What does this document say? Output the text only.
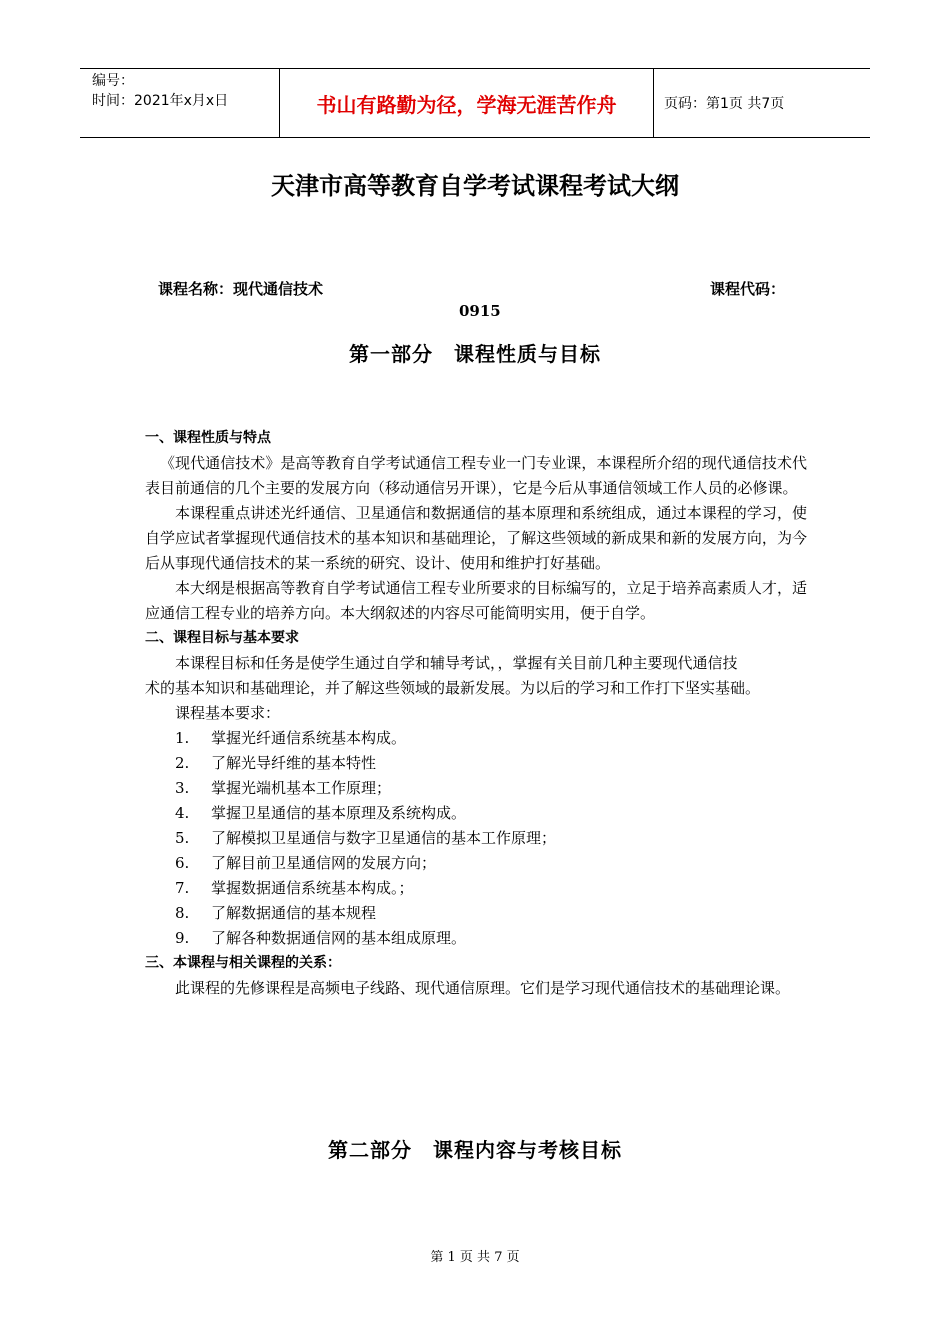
编号：
时间：2021年x月x日	书山有路勤为径，学海无涯苦作舟	页码：第1页 共7页
天津市高等教育自学考试课程考试大纲
课程名称：现代通信技术	课程代码：
0915
第一部分　课程性质与目标
一、课程性质与特点
《现代通信技术》是高等教育自学考试通信工程专业一门专业课，本课程所介绍的现代通信技术代表目前通信的几个主要的发展方向（移动通信另开课），它是今后从事通信领域工作人员的必修课。
本课程重点讲述光纤通信、卫星通信和数据通信的基本原理和系统组成，通过本课程的学习，使自学应试者掌握现代通信技术的基本知识和基础理论，了解这些领域的新成果和新的发展方向，为今后从事现代通信技术的某一系统的研究、设计、使用和维护打好基础。
本大纲是根据高等教育自学考试通信工程专业所要求的目标编写的，立足于培养高素质人才，适应通信工程专业的培养方向。本大纲叙述的内容尽可能简明实用，便于自学。
二、课程目标与基本要求
本课程目标和任务是使学生通过自学和辅导考试，，掌握有关目前几种主要现代通信技
术的基本知识和基础理论，并了解这些领域的最新发展。为以后的学习和工作打下坚实基础。
课程基本要求：
1. 掌握光纤通信系统基本构成。
2. 了解光导纤维的基本特性
3. 掌握光端机基本工作原理；
4. 掌握卫星通信的基本原理及系统构成。
5. 了解模拟卫星通信与数字卫星通信的基本工作原理；
6. 了解目前卫星通信网的发展方向；
7. 掌握数据通信系统基本构成。；
8. 了解数据通信的基本规程
9. 了解各种数据通信网的基本组成原理。
三、本课程与相关课程的关系：
此课程的先修课程是高频电子线路、现代通信原理。它们是学习现代通信技术的基础理论课。
第二部分　课程内容与考核目标
第 1 页 共 7 页
